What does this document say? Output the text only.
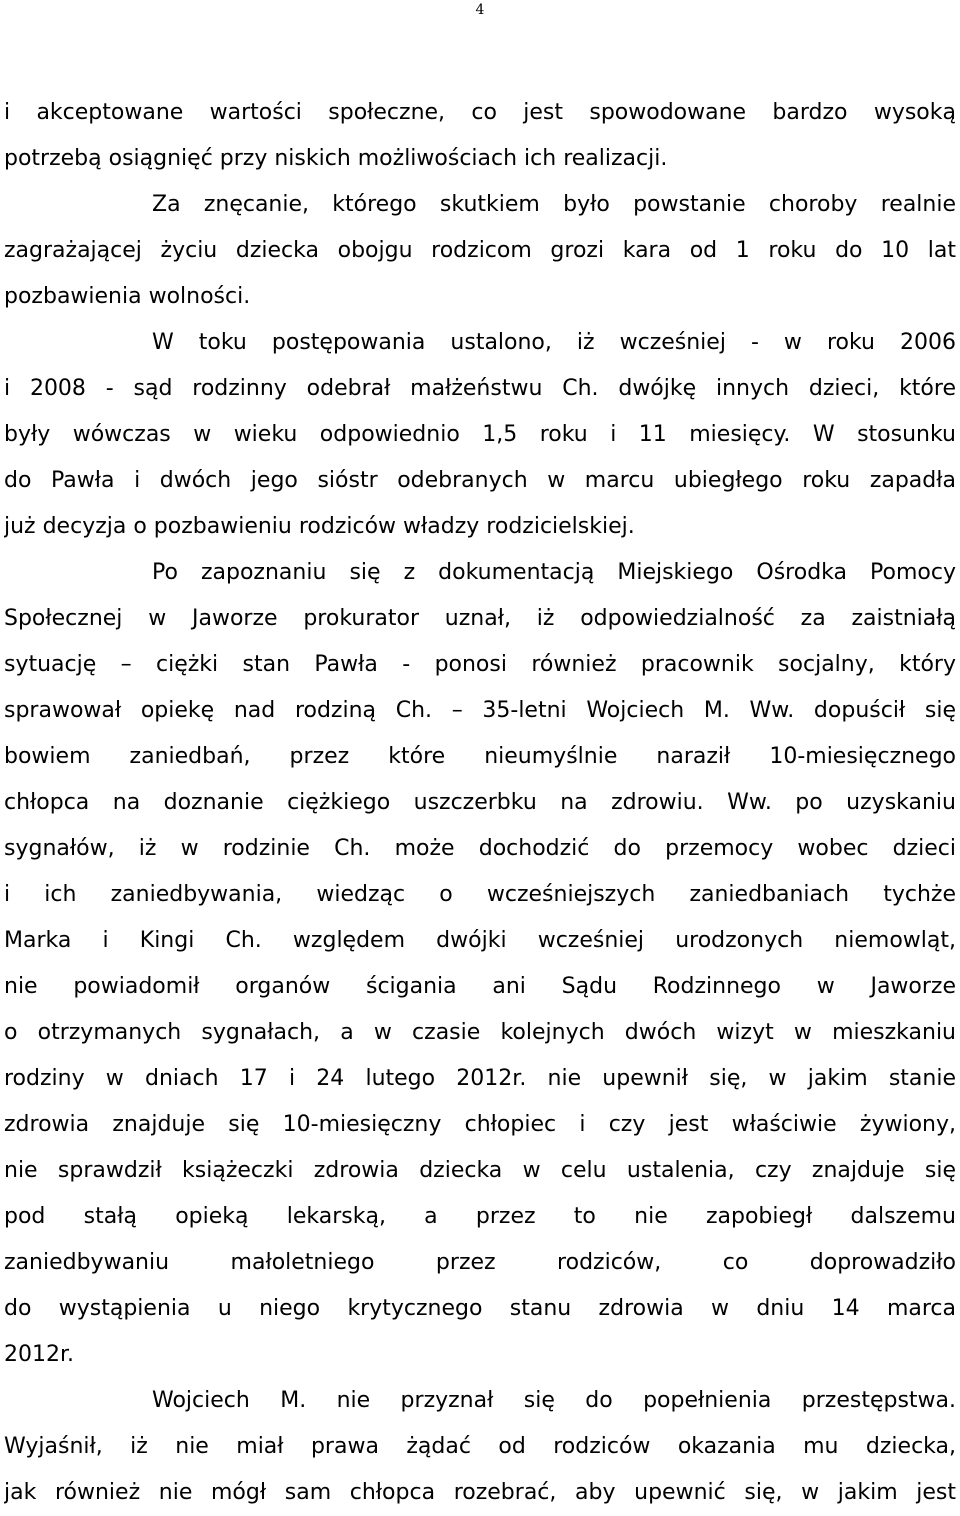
4
i akceptowane wartości społeczne, co jest spowodowane bardzo wysoką
potrzebą osiągnięć przy niskich możliwościach ich realizacji.
Za znęcanie, którego skutkiem było powstanie choroby realnie
zagrażającej życiu dziecka obojgu rodzicom grozi kara od 1 roku do 10 lat
pozbawienia wolności.
W toku postępowania ustalono, iż wcześniej - w roku 2006
i 2008 - sąd rodzinny odebrał małżeństwu Ch. dwójkę innych dzieci, które
były wówczas w wieku odpowiednio 1,5 roku i 11 miesięcy. W stosunku
do Pawła i dwóch jego sióstr odebranych w marcu ubiegłego roku zapadła
już decyzja o pozbawieniu rodziców władzy rodzicielskiej.
Po zapoznaniu się z dokumentacją Miejskiego Ośrodka Pomocy
Społecznej w Jaworze prokurator uznał, iż odpowiedzialność za zaistniałą
sytuację – ciężki stan Pawła - ponosi również pracownik socjalny, który
sprawował opiekę nad rodziną Ch. – 35-letni Wojciech M. Ww. dopuścił się
bowiem zaniedbań, przez które nieumyślnie naraził 10-miesięcznego
chłopca na doznanie ciężkiego uszczerbku na zdrowiu. Ww. po uzyskaniu
sygnałów, iż w rodzinie Ch. może dochodzić do przemocy wobec dzieci
i ich zaniedbywania, wiedząc o wcześniejszych zaniedbaniach tychże
Marka i Kingi Ch. względem dwójki wcześniej urodzonych niemowląt,
nie powiadomił organów ścigania ani Sądu Rodzinnego w Jaworze
o otrzymanych sygnałach, a w czasie kolejnych dwóch wizyt w mieszkaniu
rodziny w dniach 17 i 24 lutego 2012r. nie upewnił się, w jakim stanie
zdrowia znajduje się 10-miesięczny chłopiec i czy jest właściwie żywiony,
nie sprawdził książeczki zdrowia dziecka w celu ustalenia, czy znajduje się
pod stałą opieką lekarską, a przez to nie zapobiegł dalszemu
zaniedbywaniu małoletniego przez rodziców, co doprowadziło
do wystąpienia u niego krytycznego stanu zdrowia w dniu 14 marca
2012r.
Wojciech M. nie przyznał się do popełnienia przestępstwa.
Wyjaśnił, iż nie miał prawa żądać od rodziców okazania mu dziecka,
jak również nie mógł sam chłopca rozebrać, aby upewnić się, w jakim jest
